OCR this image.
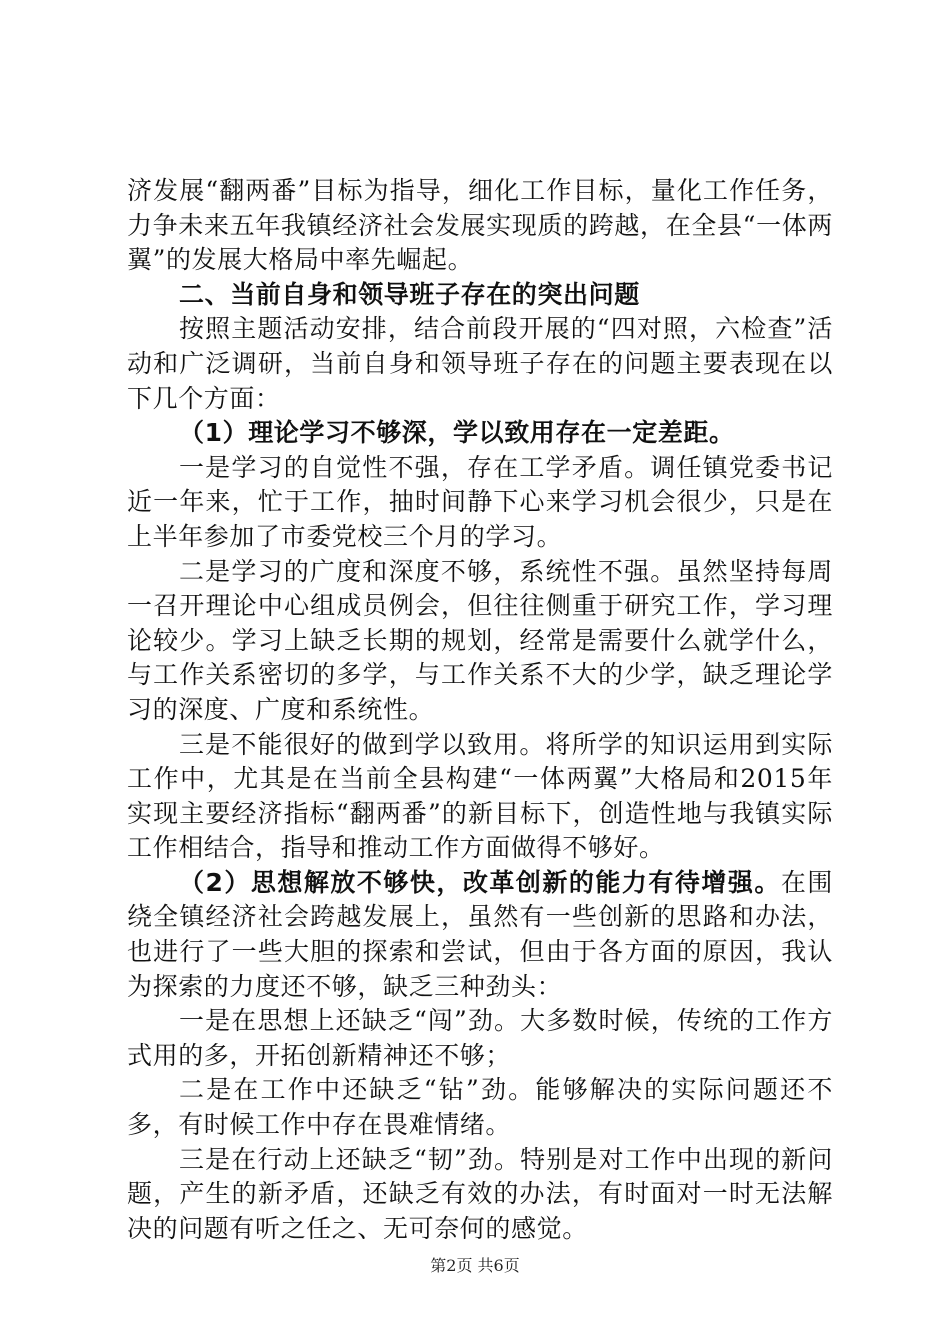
济发展“翻两番”目标为指导，细化工作目标，量化工作任务，力争未来五年我镇经济社会发展实现质的跨越，在全县“一体两翼”的发展大格局中率先崛起。

二、当前自身和领导班子存在的突出问题

按照主题活动安排，结合前段开展的“四对照，六检查”活动和广泛调研，当前自身和领导班子存在的问题主要表现在以下几个方面：

（1）理论学习不够深，学以致用存在一定差距。

一是学习的自觉性不强，存在工学矛盾。调任镇党委书记近一年来，忙于工作，抽时间静下心来学习机会很少，只是在上半年参加了市委党校三个月的学习。

二是学习的广度和深度不够，系统性不强。虽然坚持每周一召开理论中心组成员例会，但往往侧重于研究工作，学习理论较少。学习上缺乏长期的规划，经常是需要什么就学什么，与工作关系密切的多学，与工作关系不大的少学，缺乏理论学习的深度、广度和系统性。

三是不能很好的做到学以致用。将所学的知识运用到实际工作中，尤其是在当前全县构建“一体两翼”大格局和2015年实现主要经济指标“翻两番”的新目标下，创造性地与我镇实际工作相结合，指导和推动工作方面做得不够好。

（2）思想解放不够快，改革创新的能力有待增强。在围绕全镇经济社会跨越发展上，虽然有一些创新的思路和办法，也进行了一些大胆的探索和尝试，但由于各方面的原因，我认为探索的力度还不够，缺乏三种劲头：

一是在思想上还缺乏“闯”劲。大多数时候，传统的工作方式用的多，开拓创新精神还不够；

二是在工作中还缺乏“钻”劲。能够解决的实际问题还不多，有时候工作中存在畏难情绪。

三是在行动上还缺乏“韧”劲。特别是对工作中出现的新问题，产生的新矛盾，还缺乏有效的办法，有时面对一时无法解决的问题有听之任之、无可奈何的感觉。

第2页 共6页
